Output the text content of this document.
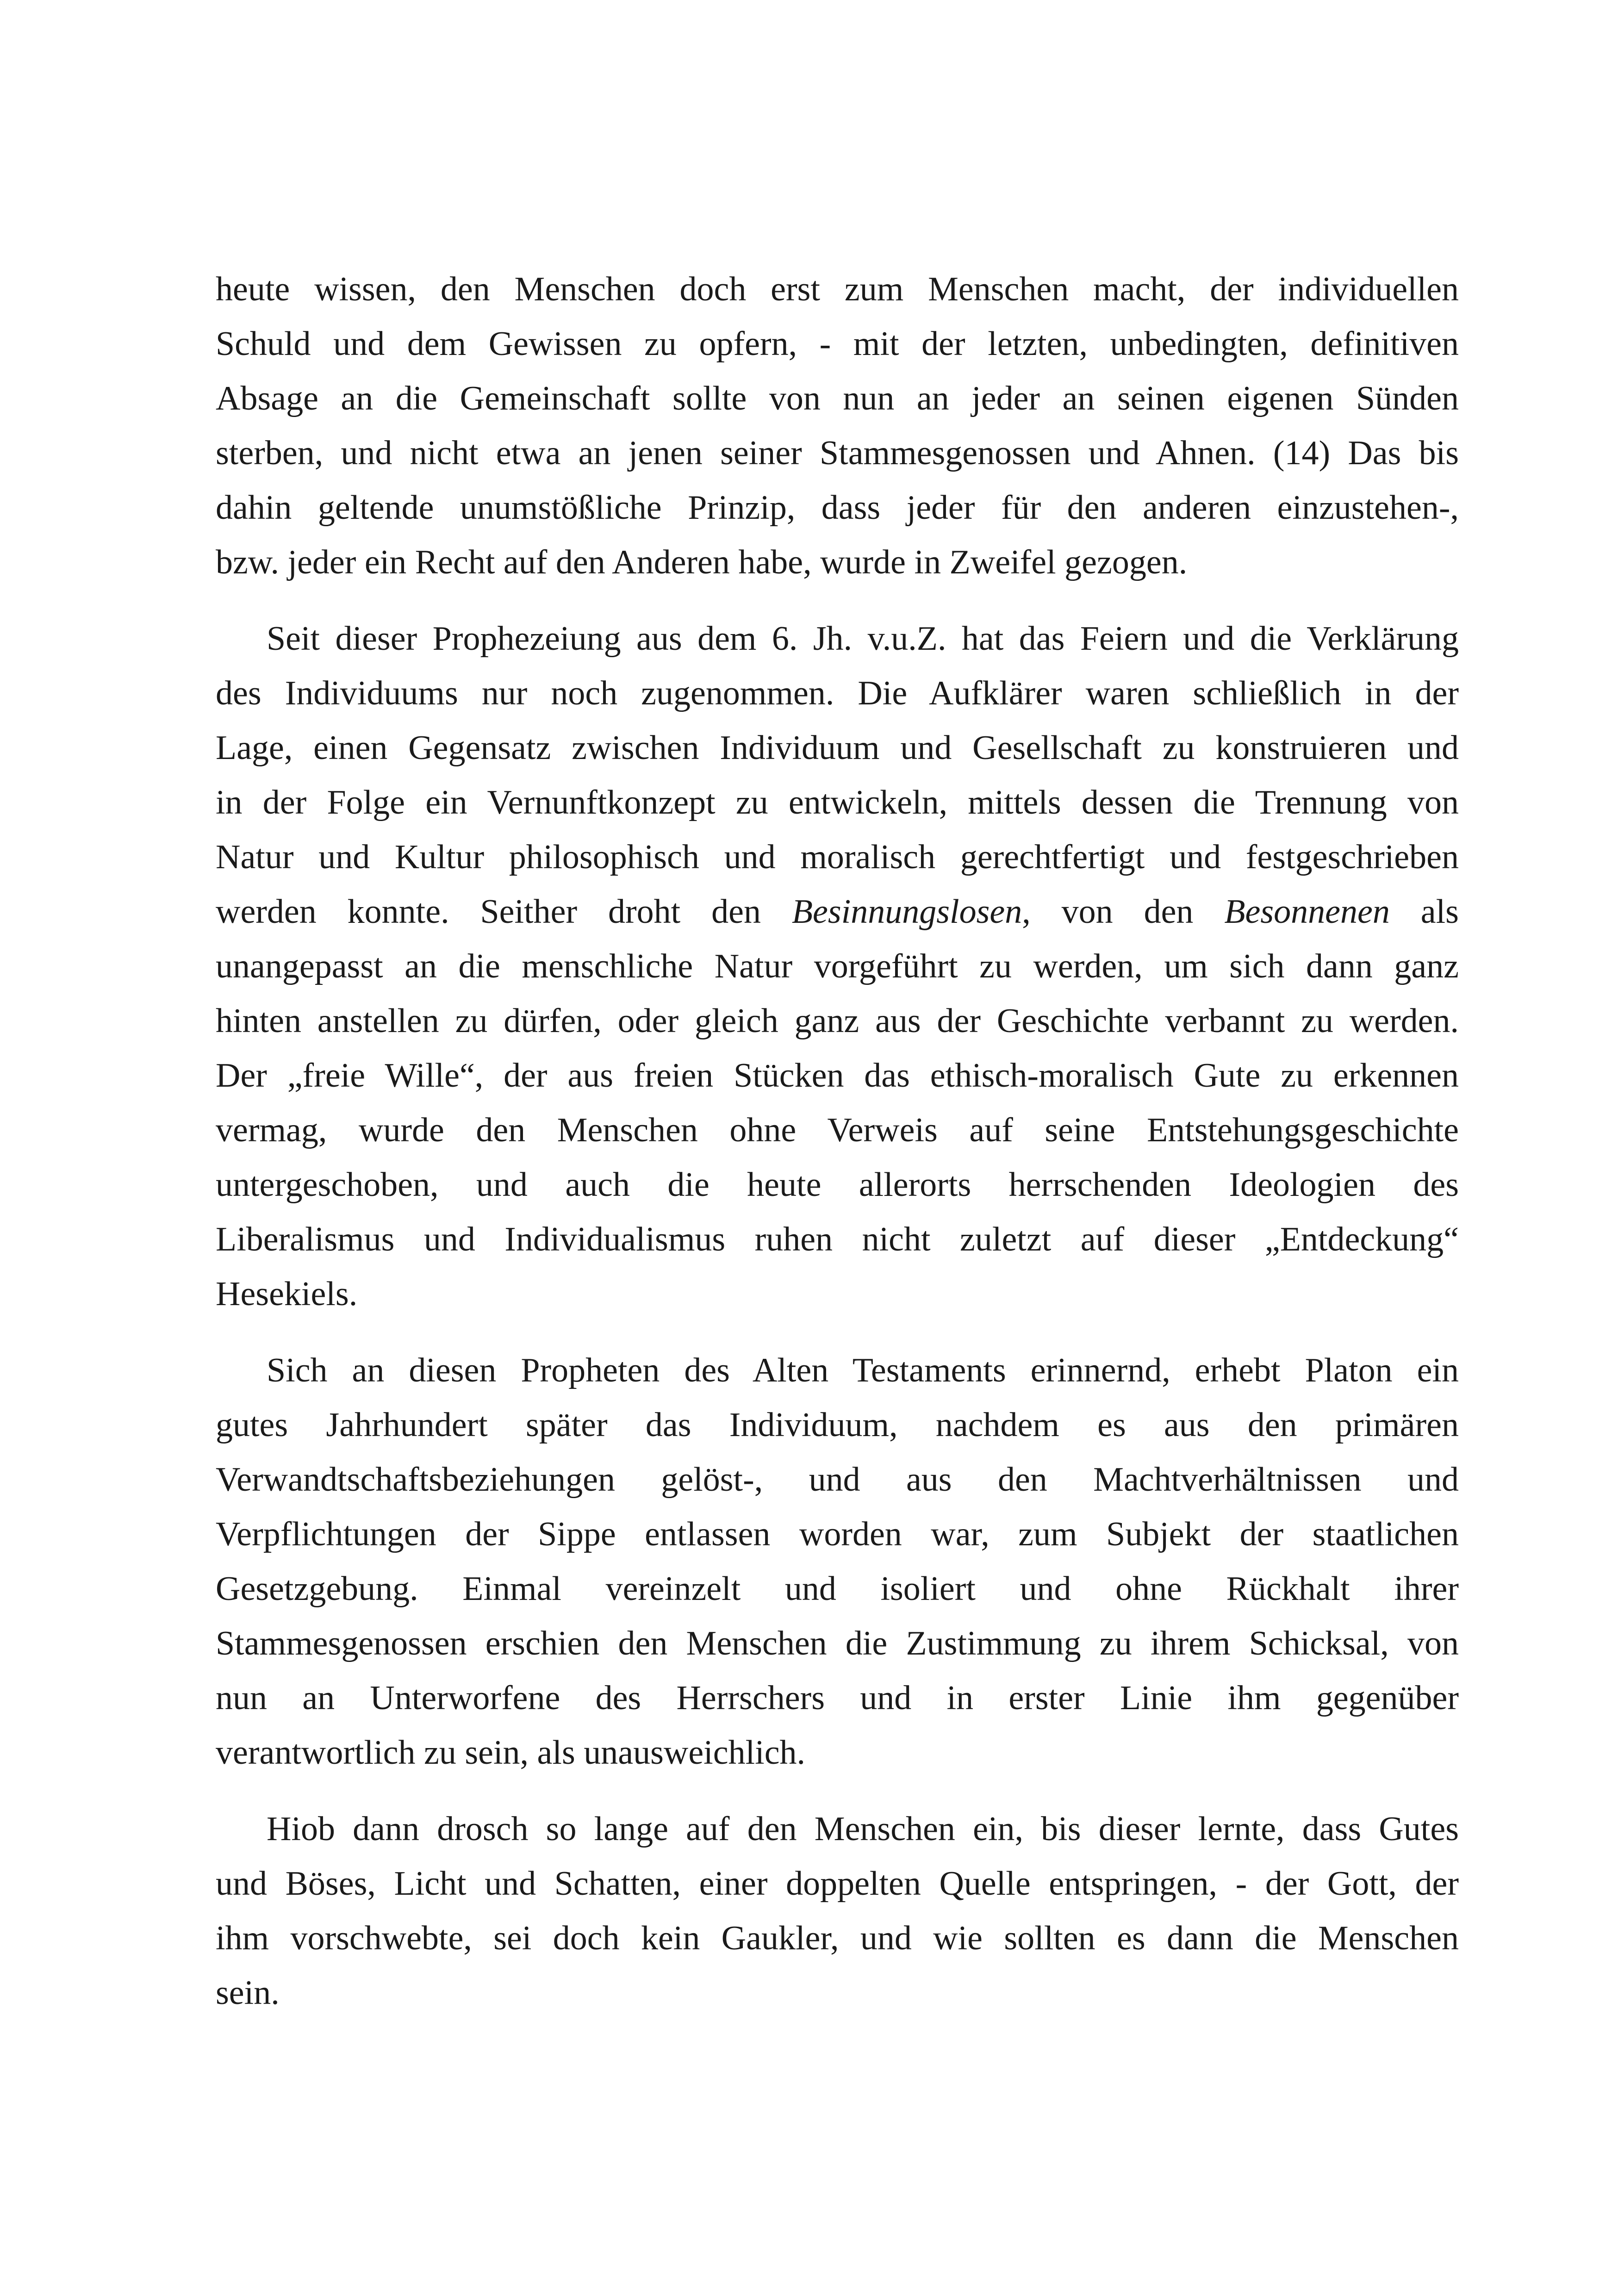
heute wissen, den Menschen doch erst zum Menschen macht, der individuellen
Schuld und dem Gewissen zu opfern, - mit der letzten, unbedingten, definitiven
Absage an die Gemeinschaft sollte von nun an jeder an seinen eigenen Sünden
sterben, und nicht etwa an jenen seiner Stammesgenossen und Ahnen. (14) Das bis
dahin geltende unumstößliche Prinzip, dass jeder für den anderen einzustehen-,
bzw. jeder ein Recht auf den Anderen habe, wurde in Zweifel gezogen.
Seit dieser Prophezeiung aus dem 6. Jh. v.u.Z. hat das Feiern und die Verklärung
des Individuums nur noch zugenommen. Die Aufklärer waren schließlich in der
Lage, einen Gegensatz zwischen Individuum und Gesellschaft zu konstruieren und
in der Folge ein Vernunftkonzept zu entwickeln, mittels dessen die Trennung von
Natur und Kultur philosophisch und moralisch gerechtfertigt und festgeschrieben
werden konnte. Seither droht den Besinnungslosen, von den Besonnenen als
unangepasst an die menschliche Natur vorgeführt zu werden, um sich dann ganz
hinten anstellen zu dürfen, oder gleich ganz aus der Geschichte verbannt zu werden.
Der „freie Wille“, der aus freien Stücken das ethisch-moralisch Gute zu erkennen
vermag, wurde den Menschen ohne Verweis auf seine Entstehungsgeschichte
untergeschoben, und auch die heute allerorts herrschenden Ideologien des
Liberalismus und Individualismus ruhen nicht zuletzt auf dieser „Entdeckung“
Hesekiels.
Sich an diesen Propheten des Alten Testaments erinnernd, erhebt Platon ein
gutes Jahrhundert später das Individuum, nachdem es aus den primären
Verwandtschaftsbeziehungen gelöst-, und aus den Machtverhältnissen und
Verpflichtungen der Sippe entlassen worden war, zum Subjekt der staatlichen
Gesetzgebung. Einmal vereinzelt und isoliert und ohne Rückhalt ihrer
Stammesgenossen erschien den Menschen die Zustimmung zu ihrem Schicksal, von
nun an Unterworfene des Herrschers und in erster Linie ihm gegenüber
verantwortlich zu sein, als unausweichlich.
Hiob dann drosch so lange auf den Menschen ein, bis dieser lernte, dass Gutes
und Böses, Licht und Schatten, einer doppelten Quelle entspringen, - der Gott, der
ihm vorschwebte, sei doch kein Gaukler, und wie sollten es dann die Menschen
sein.
